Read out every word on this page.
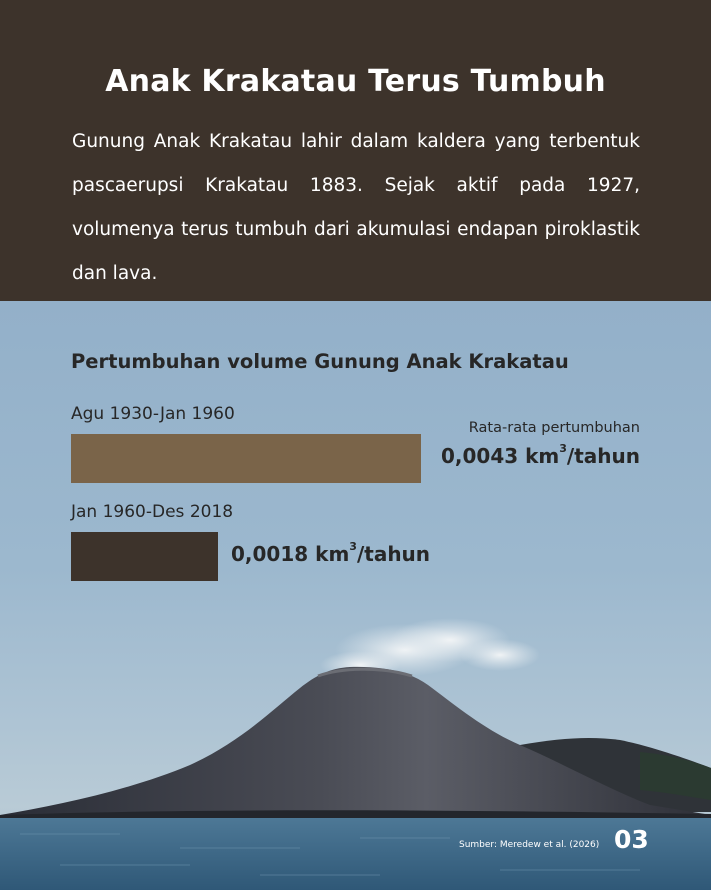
Anak Krakatau Terus Tumbuh

Gunung Anak Krakatau lahir dalam kaldera yang terbentuk pascaerupsi Krakatau 1883. Sejak aktif pada 1927, volumenya terus tumbuh dari akumulasi endapan piroklastik dan lava.

Pertumbuhan volume Gunung Anak Krakatau
Agu 1930-Jan 1960
Rata-rata pertumbuhan
0,0043 $km^3$/tahun
Jan 1960-Des 2018
0,0018 $km^3$/tahun
Sumber: Meredew et al. (2026) 03
